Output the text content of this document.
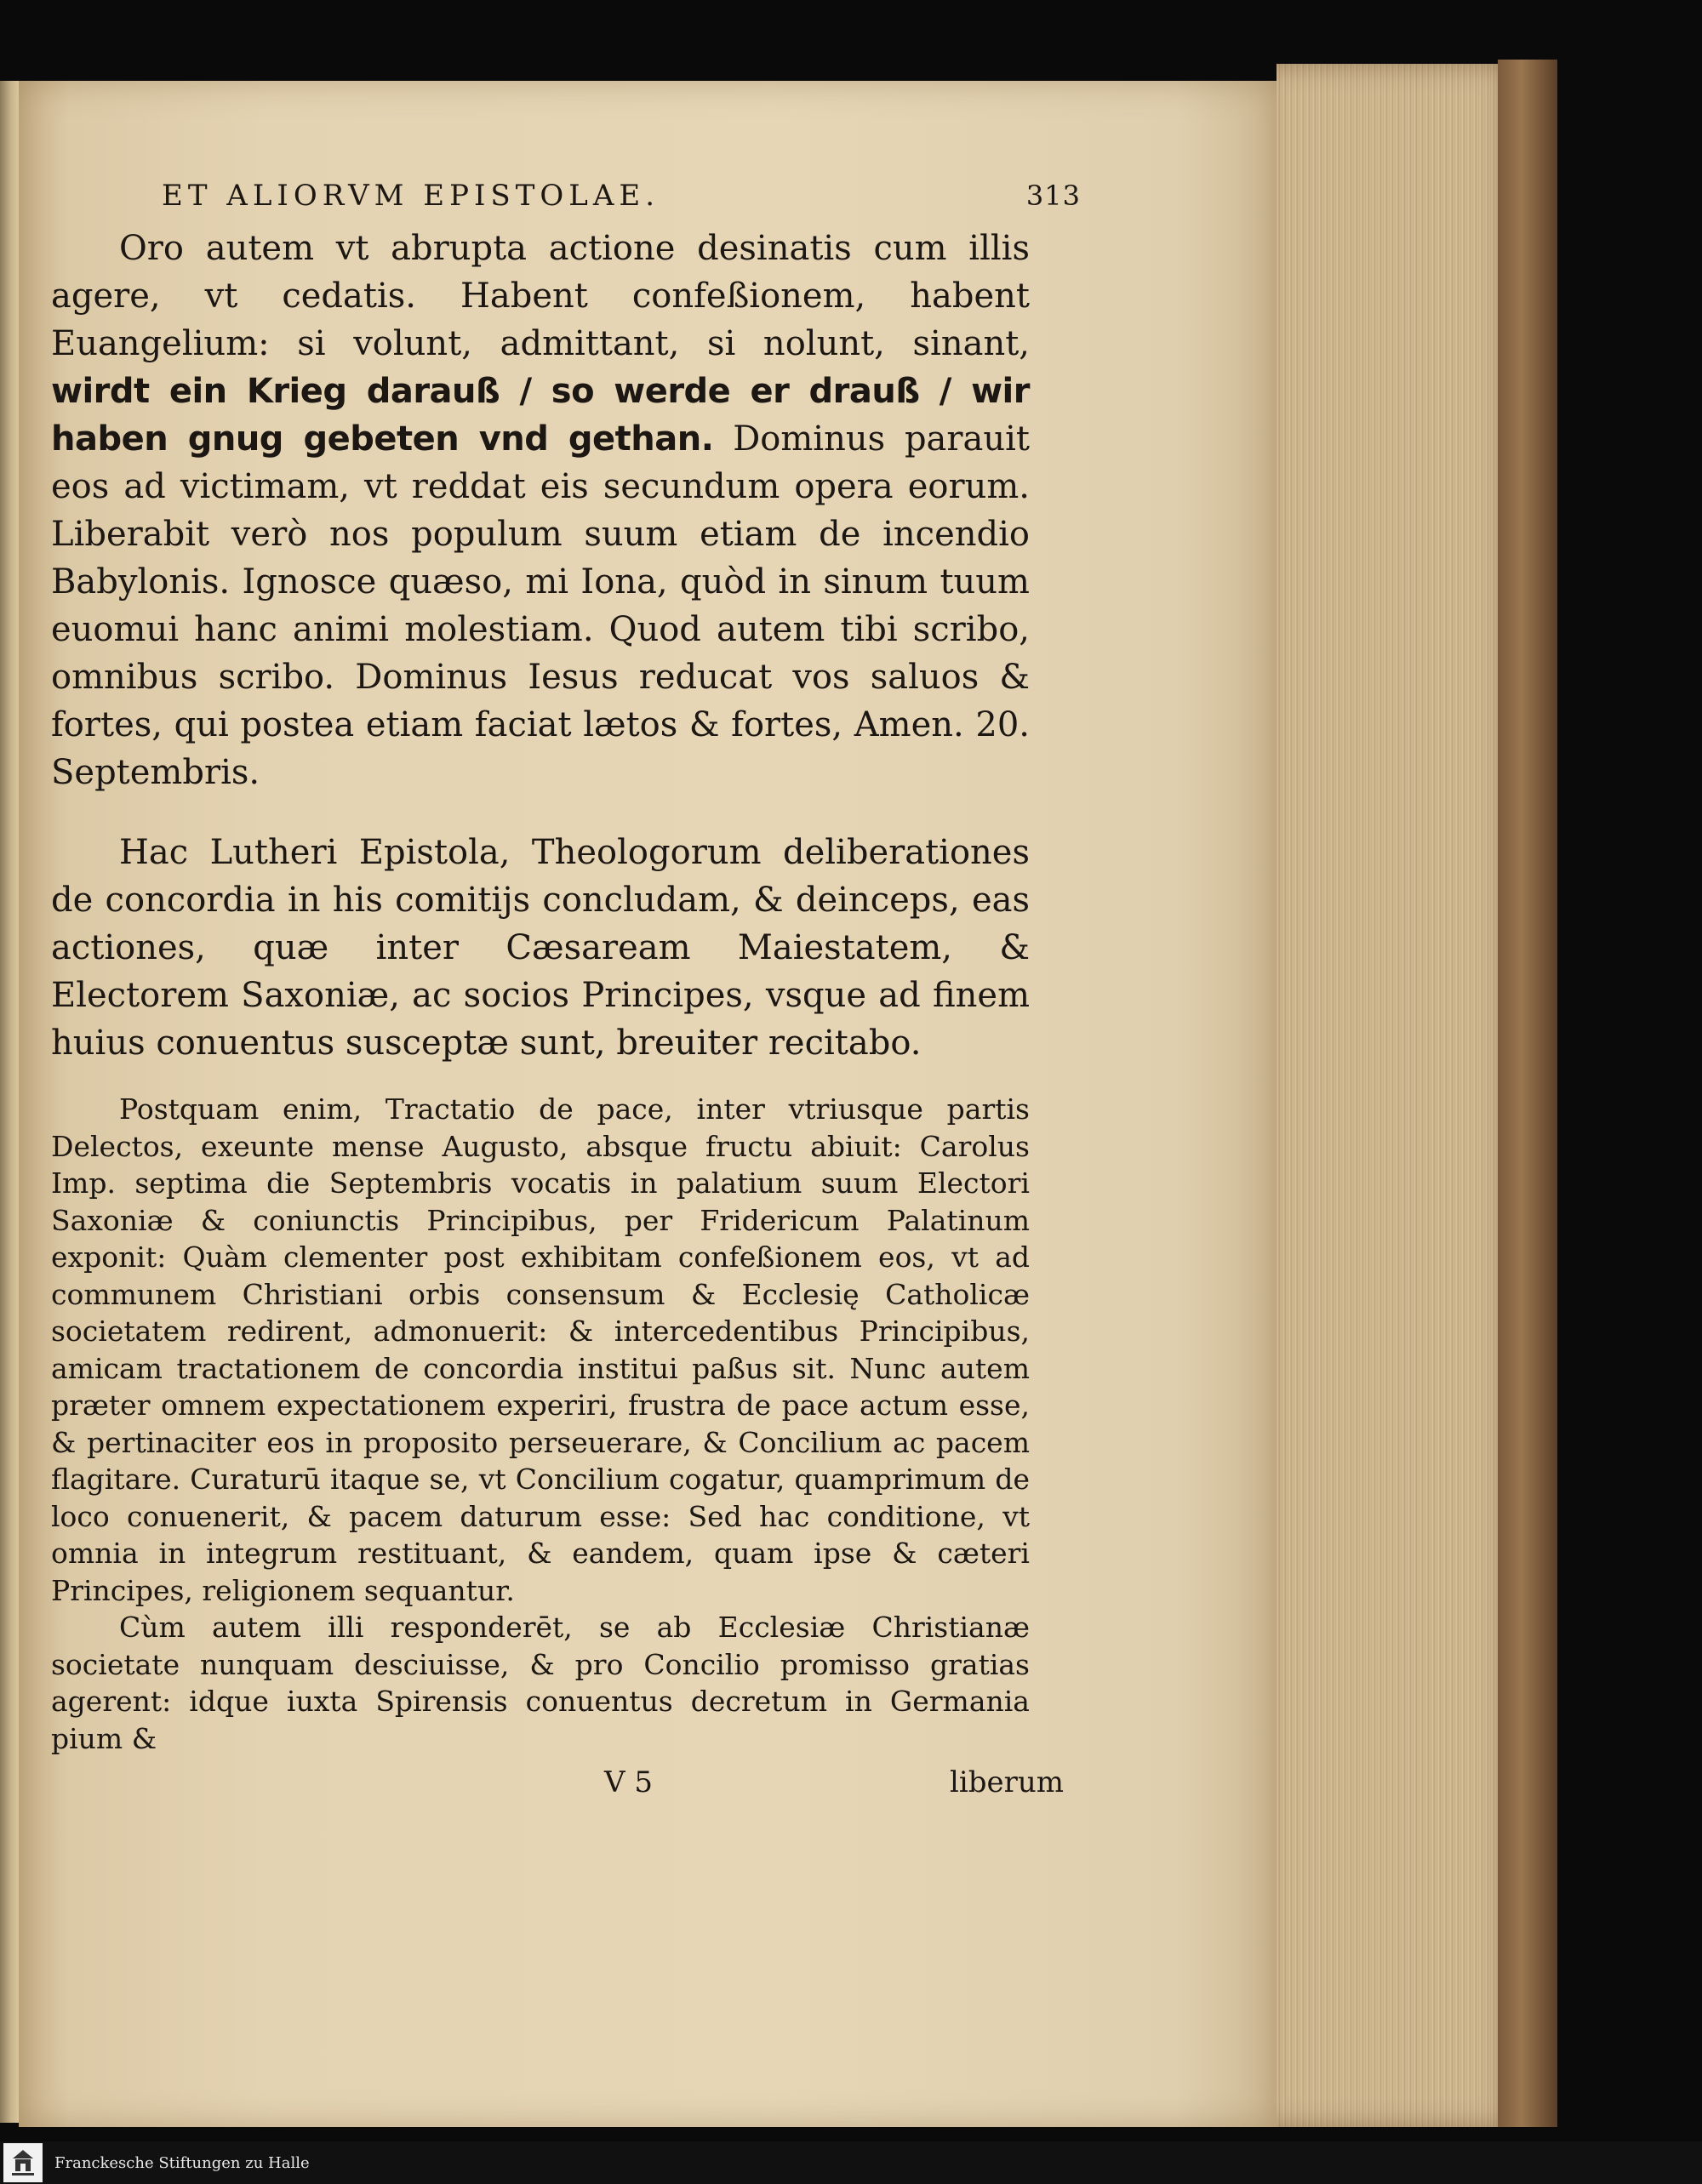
ET ALIORVM EPISTOLAE.	313

Oro autem vt abrupta actione desinatis cum illis agere, vt cedatis. Habent confeßionem, habent Euangelium: si volunt, admittant, si nolunt, sinant, wirdt ein Krieg darauß / so werde er drauß / wir haben gnug gebeten vnd gethan. Dominus parauit eos ad victimam, vt reddat eis secundum opera eorum. Liberabit verò nos populum suum etiam de incendio Babylonis. Ignosce quæso, mi Iona, quòd in sinum tuum euomui hanc animi molestiam. Quod autem tibi scribo, omnibus scribo. Dominus Iesus reducat vos saluos & fortes, qui postea etiam faciat lætos & fortes, Amen. 20. Septembris.

Hac Lutheri Epistola, Theologorum deliberationes de concordia in his comitijs concludam, & deinceps, eas actiones, quæ inter Cæsaream Maiestatem, & Electorem Saxoniæ, ac socios Principes, vsque ad finem huius conuentus susceptæ sunt, breuiter recitabo.

Postquam enim, Tractatio de pace, inter vtriusque partis Delectos, exeunte mense Augusto, absque fructu abiuit: Carolus Imp. septima die Septembris vocatis in palatium suum Electori Saxoniæ & coniunctis Principibus, per Fridericum Palatinum exponit: Quàm clementer post exhibitam confeßionem eos, vt ad communem Christiani orbis consensum & Ecclesię Catholicæ societatem redirent, admonuerit: & intercedentibus Principibus, amicam tractationem de concordia institui paßus sit. Nunc autem præter omnem expectationem experiri, frustra de pace actum esse, & pertinaciter eos in proposito perseuerare, & Concilium ac pacem flagitare. Curaturū itaque se, vt Concilium cogatur, quamprimum de loco conuenerit, & pacem daturum esse: Sed hac conditione, vt omnia in integrum restituant, & eandem, quam ipse & cæteri Principes, religionem sequantur.

Cùm autem illi responderēt, se ab Ecclesiæ Christianæ societate nunquam desciuisse, & pro Concilio promisso gratias agerent: idque iuxta Spirensis conuentus decretum in Germania pium &

V 5	liberum
Franckesche Stiftungen zu Halle
